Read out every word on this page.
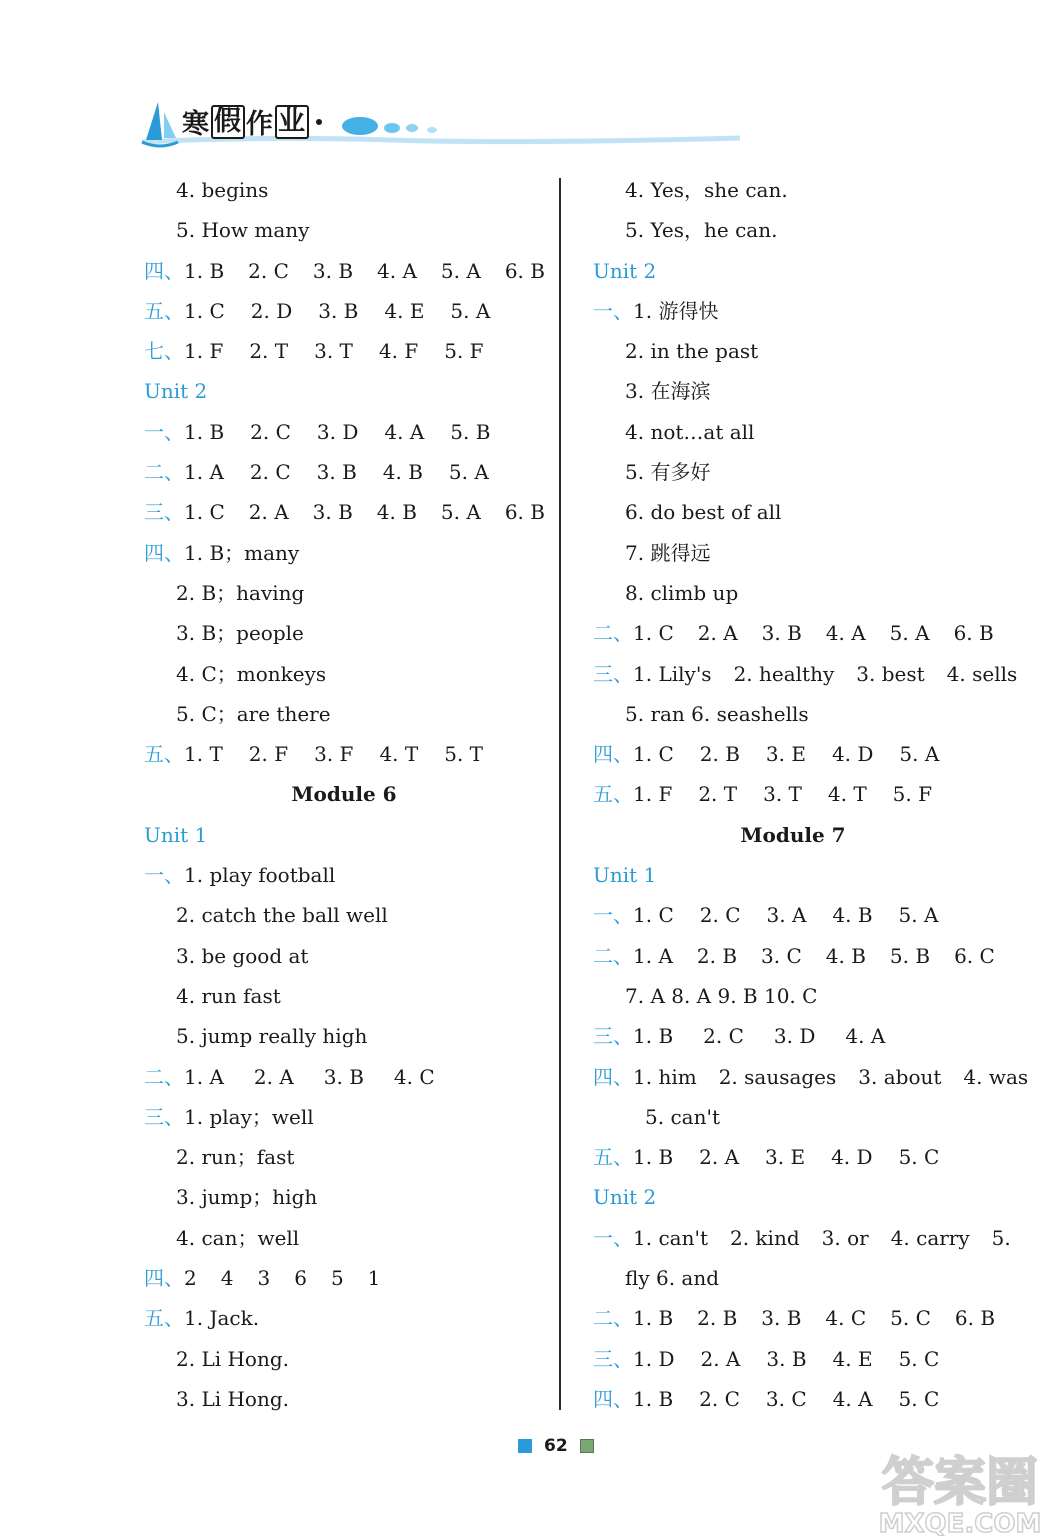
寒 假 作 业
4. begins
5. How many
四、1. B 2. C 3. B 4. A 5. A 6. B
五、1. C 2. D 3. B 4. E 5. A
七、1. F 2. T 3. T 4. F 5. F
Unit 2
一、1. B 2. C 3. D 4. A 5. B
二、1. A 2. C 3. B 4. B 5. A
三、1. C 2. A 3. B 4. B 5. A 6. B
四、1. B；many
2. B；having
3. B；people
4. C；monkeys
5. C；are there
五、1. T 2. F 3. F 4. T 5. T
Module 6
Unit 1
一、1. play football
2. catch the ball well
3. be good at
4. run fast
5. jump really high
二、1. A 2. A 3. B 4. C
三、1. play；well
2. run；fast
3. jump；high
4. can；well
四、2 4 3 6 5 1
五、1. Jack.
2. Li Hong.
3. Li Hong.
4. Yes，she can.
5. Yes，he can.
Unit 2
一、1. 游得快
2. in the past
3. 在海滨
4. not…at all
5. 有多好
6. do best of all
7. 跳得远
8. climb up
二、1. C 2. A 3. B 4. A 5. A 6. B
三、1. Lily's 2. healthy 3. best 4. sells
5. ran 6. seashells
四、1. C 2. B 3. E 4. D 5. A
五、1. F 2. T 3. T 4. T 5. F
Module 7
Unit 1
一、1. C 2. C 3. A 4. B 5. A
二、1. A 2. B 3. C 4. B 5. B 6. C
7. A 8. A 9. B 10. C
三、1. B 2. C 3. D 4. A
四、1. him 2. sausages 3. about 4. was
5. can't
五、1. B 2. A 3. E 4. D 5. C
Unit 2
一、1. can't 2. kind 3. or 4. carry 5.
fly 6. and
二、1. B 2. B 3. B 4. C 5. C 6. B
三、1. D 2. A 3. B 4. E 5. C
四、1. B 2. C 3. C 4. A 5. C
62
答案圈
MXQE.COM
